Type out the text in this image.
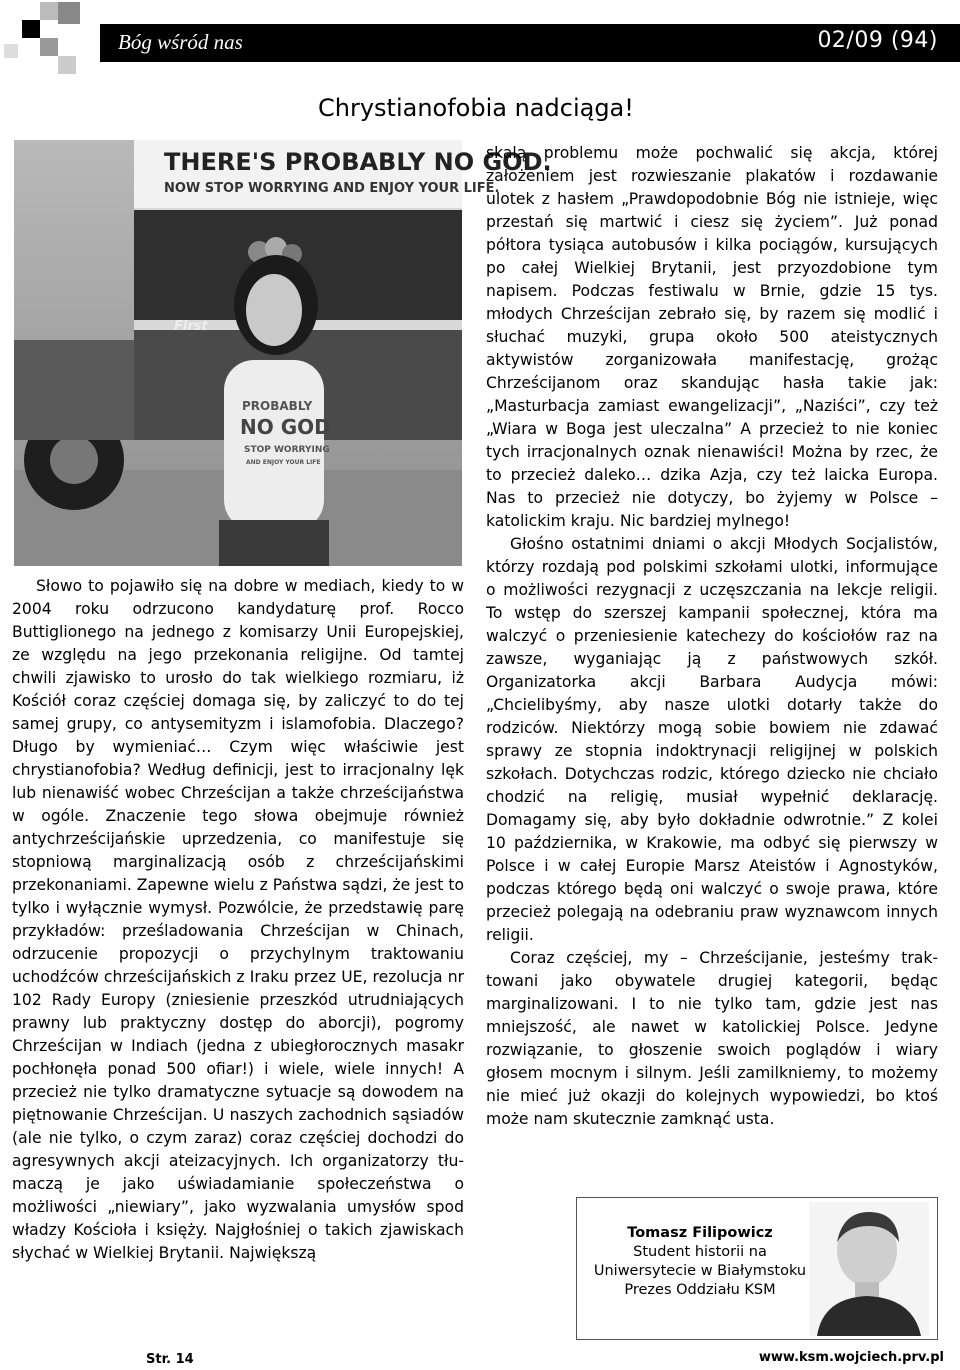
Bóg wśród nas	02/09 (94)
Chrystianofobia nadciąga!
THERE'S PROBABLY NO GOD.
NOW STOP WORRYING AND ENJOY YOUR LIFE.
First
PROBABLY
NO GOD
STOP WORRYING
AND ENJOY YOUR LIFE

Słowo to pojawiło się na dobre w mediach, kiedy to w 2004 roku odrzucono kandydaturę prof. Rocco Buttiglionego na jednego z komisarzy Unii Europejskiej, ze względu na jego przekonania religijne. Od tamtej chwili zjawisko to urosło do tak wielkiego rozmiaru, iż Kościół coraz częściej domaga się, by zaliczyć to do tej samej grupy, co antysemityzm i islamofobia. Dlaczego? Długo by wymieniać… Czym więc właściwie jest chrystianofobia? Według definicji, jest to irracjonalny lęk lub nienawiść wobec Chrześcijan a także chrześcijaństwa w ogóle. Znaczenie tego słowa obejmuje również antychrześcijańskie uprzedzenia, co manifestuje się stopniową marginalizacją osób z chrześcijańskimi przekonaniami. Zapewne wielu z Państwa sądzi, że jest to tylko i wyłącznie wymysł. Pozwólcie, że przedstawię parę przykładów: prześladowania Chrześcijan w Chinach, odrzucenie propozycji o przychylnym traktowaniu uchodźców chrześcijańskich z Iraku przez UE, rezolucja nr 102 Rady Europy (zniesienie przeszkód utrudniających prawny lub praktyczny dostęp do aborcji), pogromy Chrześcijan w Indiach (jedna z ubiegłorocznych masakr pochłonęła ponad 500 ofiar!) i wiele, wiele innych! A przecież nie tylko dramatyczne sytuacje są dowodem na piętnowanie Chrześcijan. U naszych zachodnich sąsiadów (ale nie tylko, o czym zaraz) coraz częściej dochodzi do agresywnych akcji ateizacyjnych. Ich organizatorzy tłumaczą je jako uświadamianie społeczeństwa o możliwości „niewiary”, jako wyzwalania umysłów spod władzy Kościoła i księży. Najgłośniej o takich zjawiskach słychać w Wielkiej Brytanii. Największą

skalą problemu może pochwalić się akcja, której założeniem jest rozwieszanie plakatów i rozdawanie ulotek z hasłem „Prawdopodobnie Bóg nie istnieje, więc przestań się martwić i ciesz się życiem”. Już ponad półtora tysiąca autobusów i kilka pociągów, kursujących po całej Wielkiej Brytanii, jest przyozdobione tym napisem. Podczas festiwalu w Brnie, gdzie 15 tys. młodych Chrześcijan zebrało się, by razem się modlić i słuchać muzyki, grupa około 500 ateistycznych aktywistów zorganizowała manifestację, grożąc Chrześcijanom oraz skandując hasła takie jak: „Masturbacja zamiast ewangelizacji”, „Naziści”, czy też „Wiara w Boga jest uleczalna” A przecież to nie koniec tych irracjonalnych oznak nienawiści! Można by rzec, że to przecież daleko… dzika Azja, czy też laicka Europa. Nas to przecież nie dotyczy, bo żyjemy w Polsce – katolickim kraju. Nic bardziej mylnego!

Głośno ostatnimi dniami o akcji Młodych Socjalistów, którzy rozdają pod polskimi szkołami ulotki, informujące o możliwości rezygnacji z uczęszczania na lekcje religii. To wstęp do szerszej kampanii społecznej, która ma walczyć o przeniesienie katechezy do kościołów raz na zawsze, wyganiając ją z państwowych szkół. Organizatorka akcji Barbara Audycja mówi: „Chcielibyśmy, aby nasze ulotki dotarły także do rodziców. Niektórzy mogą sobie bowiem nie zdawać sprawy ze stopnia indoktrynacji religijnej w polskich szkołach. Dotychczas rodzic, którego dziecko nie chciało chodzić na religię, musiał wypełnić deklarację. Domagamy się, aby było dokładnie odwrotnie.” Z kolei 10 października, w Krakowie, ma odbyć się pierwszy w Polsce i w całej Europie Marsz Ateistów i Agnostyków, podczas którego będą oni walczyć o swoje prawa, które przecież polegają na odebraniu praw wyznawcom innych religii.

Coraz częściej, my – Chrześcijanie, jesteśmy traktowani jako obywatele drugiej kategorii, będąc marginalizowani. I to nie tylko tam, gdzie jest nas mniejszość, ale nawet w katolickiej Polsce. Jedyne rozwiązanie, to głoszenie swoich poglądów i wiary głosem mocnym i silnym. Jeśli zamilkniemy, to możemy nie mieć już okazji do kolejnych wypowiedzi, bo ktoś może nam skutecznie zamknąć usta.

Tomasz Filipowicz
Student historii na
Uniwersytecie w Białymstoku
Prezes Oddziału KSM
Str. 14	www.ksm.wojciech.prv.pl
